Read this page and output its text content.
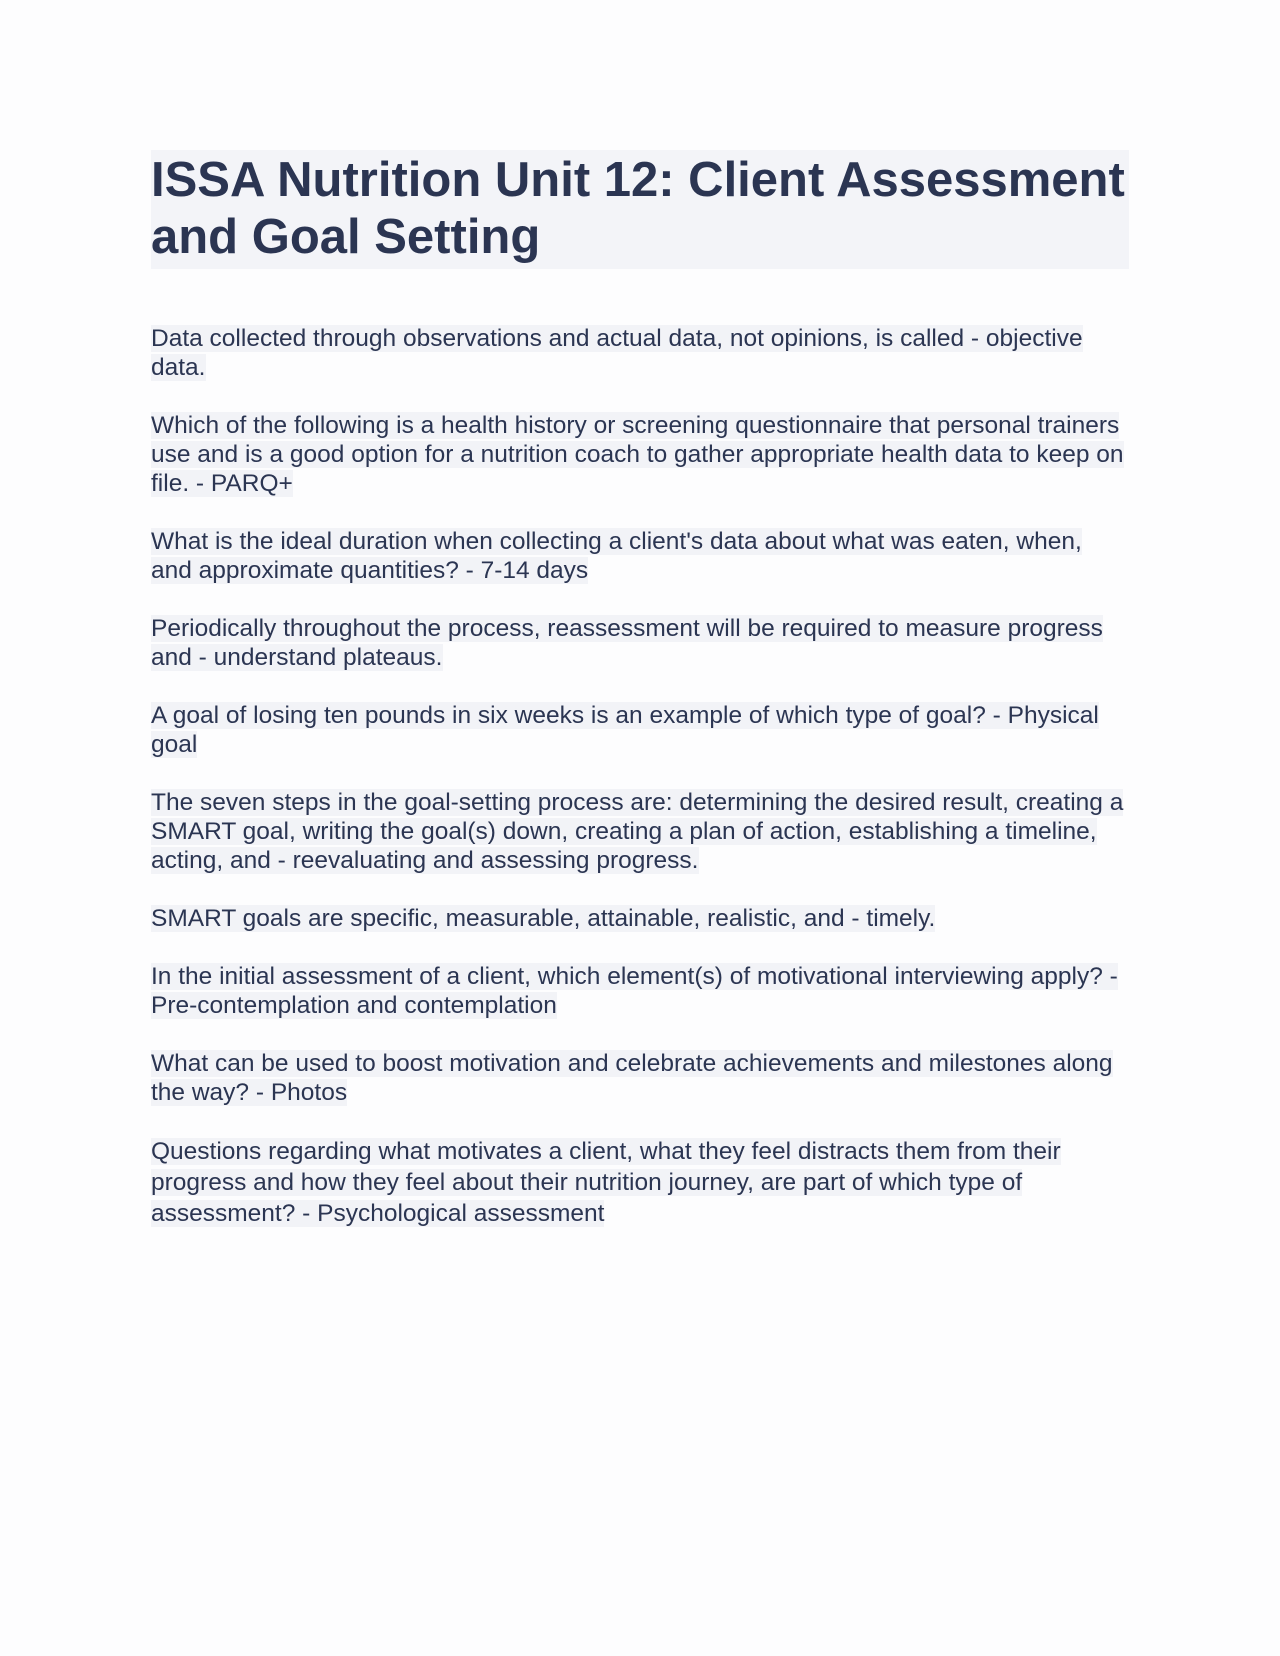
ISSA Nutrition Unit 12: Client Assessment and Goal Setting

Data collected through observations and actual data, not opinions, is called - objective data.

Which of the following is a health history or screening questionnaire that personal trainers use and is a good option for a nutrition coach to gather appropriate health data to keep on file. - PARQ+

What is the ideal duration when collecting a client's data about what was eaten, when, and approximate quantities? - 7-14 days

Periodically throughout the process, reassessment will be required to measure progress and - understand plateaus.

A goal of losing ten pounds in six weeks is an example of which type of goal? - Physical goal

The seven steps in the goal-setting process are: determining the desired result, creating a SMART goal, writing the goal(s) down, creating a plan of action, establishing a timeline, acting, and - reevaluating and assessing progress.

SMART goals are specific, measurable, attainable, realistic, and - timely.

In the initial assessment of a client, which element(s) of motivational interviewing apply? - Pre-contemplation and contemplation

What can be used to boost motivation and celebrate achievements and milestones along the way? - Photos

Questions regarding what motivates a client, what they feel distracts them from their progress and how they feel about their nutrition journey, are part of which type of assessment? - Psychological assessment
